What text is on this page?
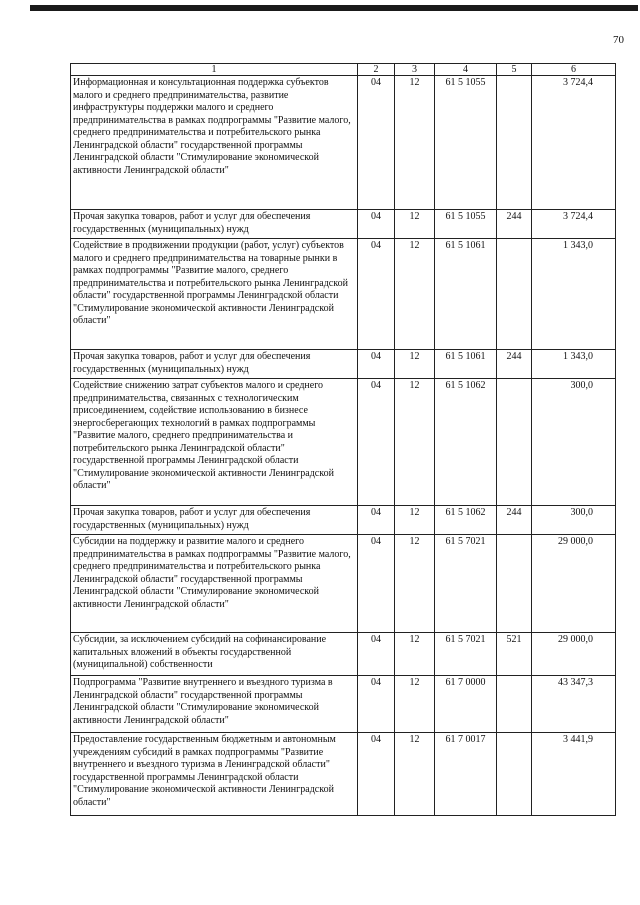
70
1	2	3	4	5	6
Информационная и консультационная поддержка субъектов малого и среднего предпринимательства, развитие инфраструктуры поддержки малого и среднего предпринимательства в рамках подпрограммы "Развитие малого, среднего предпринимательства и потребительского рынка Ленинградской области" государственной программы Ленинградской области "Стимулирование экономической активности Ленинградской области"	04	12	61 5 1055		3 724,4
Прочая закупка товаров, работ и услуг для обеспечения государственных (муниципальных) нужд	04	12	61 5 1055	244	3 724,4
Содействие в продвижении продукции (работ, услуг) субъектов малого и среднего предпринимательства на товарные рынки в рамках подпрограммы "Развитие малого, среднего предпринимательства и потребительского рынка Ленинградской области" государственной программы Ленинградской области "Стимулирование экономической активности Ленинградской области"	04	12	61 5 1061		1 343,0
Прочая закупка товаров, работ и услуг для обеспечения государственных (муниципальных) нужд	04	12	61 5 1061	244	1 343,0
Содействие снижению затрат субъектов малого и среднего предпринимательства, связанных с технологическим присоединением, содействие использованию в бизнесе энергосберегающих технологий в рамках подпрограммы "Развитие малого, среднего предпринимательства и потребительского рынка Ленинградской области" государственной программы Ленинградской области "Стимулирование экономической активности Ленинградской области"	04	12	61 5 1062		300,0
Прочая закупка товаров, работ и услуг для обеспечения государственных (муниципальных) нужд	04	12	61 5 1062	244	300,0
Субсидии на поддержку и развитие малого и среднего предпринимательства в рамках подпрограммы "Развитие малого, среднего предпринимательства и потребительского рынка Ленинградской области" государственной программы Ленинградской области "Стимулирование экономической активности Ленинградской области"	04	12	61 5 7021		29 000,0
Субсидии, за исключением субсидий на софинансирование капитальных вложений в объекты государственной (муниципальной) собственности	04	12	61 5 7021	521	29 000,0
Подпрограмма "Развитие внутреннего и въездного туризма в Ленинградской области" государственной программы Ленинградской области "Стимулирование экономической активности Ленинградской области"	04	12	61 7 0000		43 347,3
Предоставление государственным бюджетным и автономным учреждениям субсидий в рамках подпрограммы "Развитие внутреннего и въездного туризма в Ленинградской области" государственной программы Ленинградской области "Стимулирование экономической активности Ленинградской области"	04	12	61 7 0017		3 441,9
